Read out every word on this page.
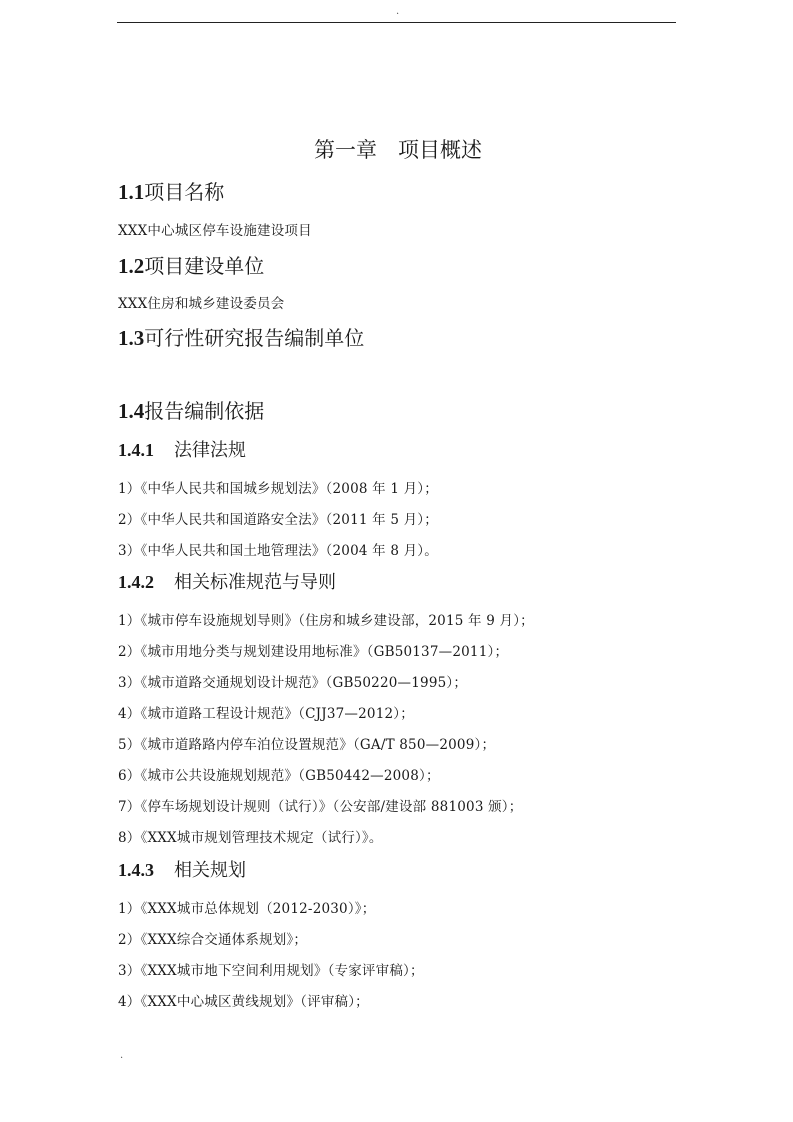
.
第一章　项目概述
1.1项目名称
XXX中心城区停车设施建设项目
1.2项目建设单位
XXX住房和城乡建设委员会
1.3可行性研究报告编制单位
1.4报告编制依据
1.4.1 法律法规
1）《中华人民共和国城乡规划法》（2008 年 1 月）；
2）《中华人民共和国道路安全法》（2011 年 5 月）；
3）《中华人民共和国土地管理法》（2004 年 8 月）。
1.4.2 相关标准规范与导则
1）《城市停车设施规划导则》（住房和城乡建设部，2015 年 9 月）；
2）《城市用地分类与规划建设用地标准》（GB50137—2011）；
3）《城市道路交通规划设计规范》（GB50220—1995）；
4）《城市道路工程设计规范》（CJJ37—2012）；
5）《城市道路路内停车泊位设置规范》（GA/T 850—2009）；
6）《城市公共设施规划规范》（GB50442—2008）；
7）《停车场规划设计规则（试行）》（公安部/建设部 881003 颁）；
8）《XXX城市规划管理技术规定（试行）》。
1.4.3 相关规划
1）《XXX城市总体规划（2012-2030）》；
2）《XXX综合交通体系规划》；
3）《XXX城市地下空间利用规划》（专家评审稿）；
4）《XXX中心城区黄线规划》（评审稿）；
.
